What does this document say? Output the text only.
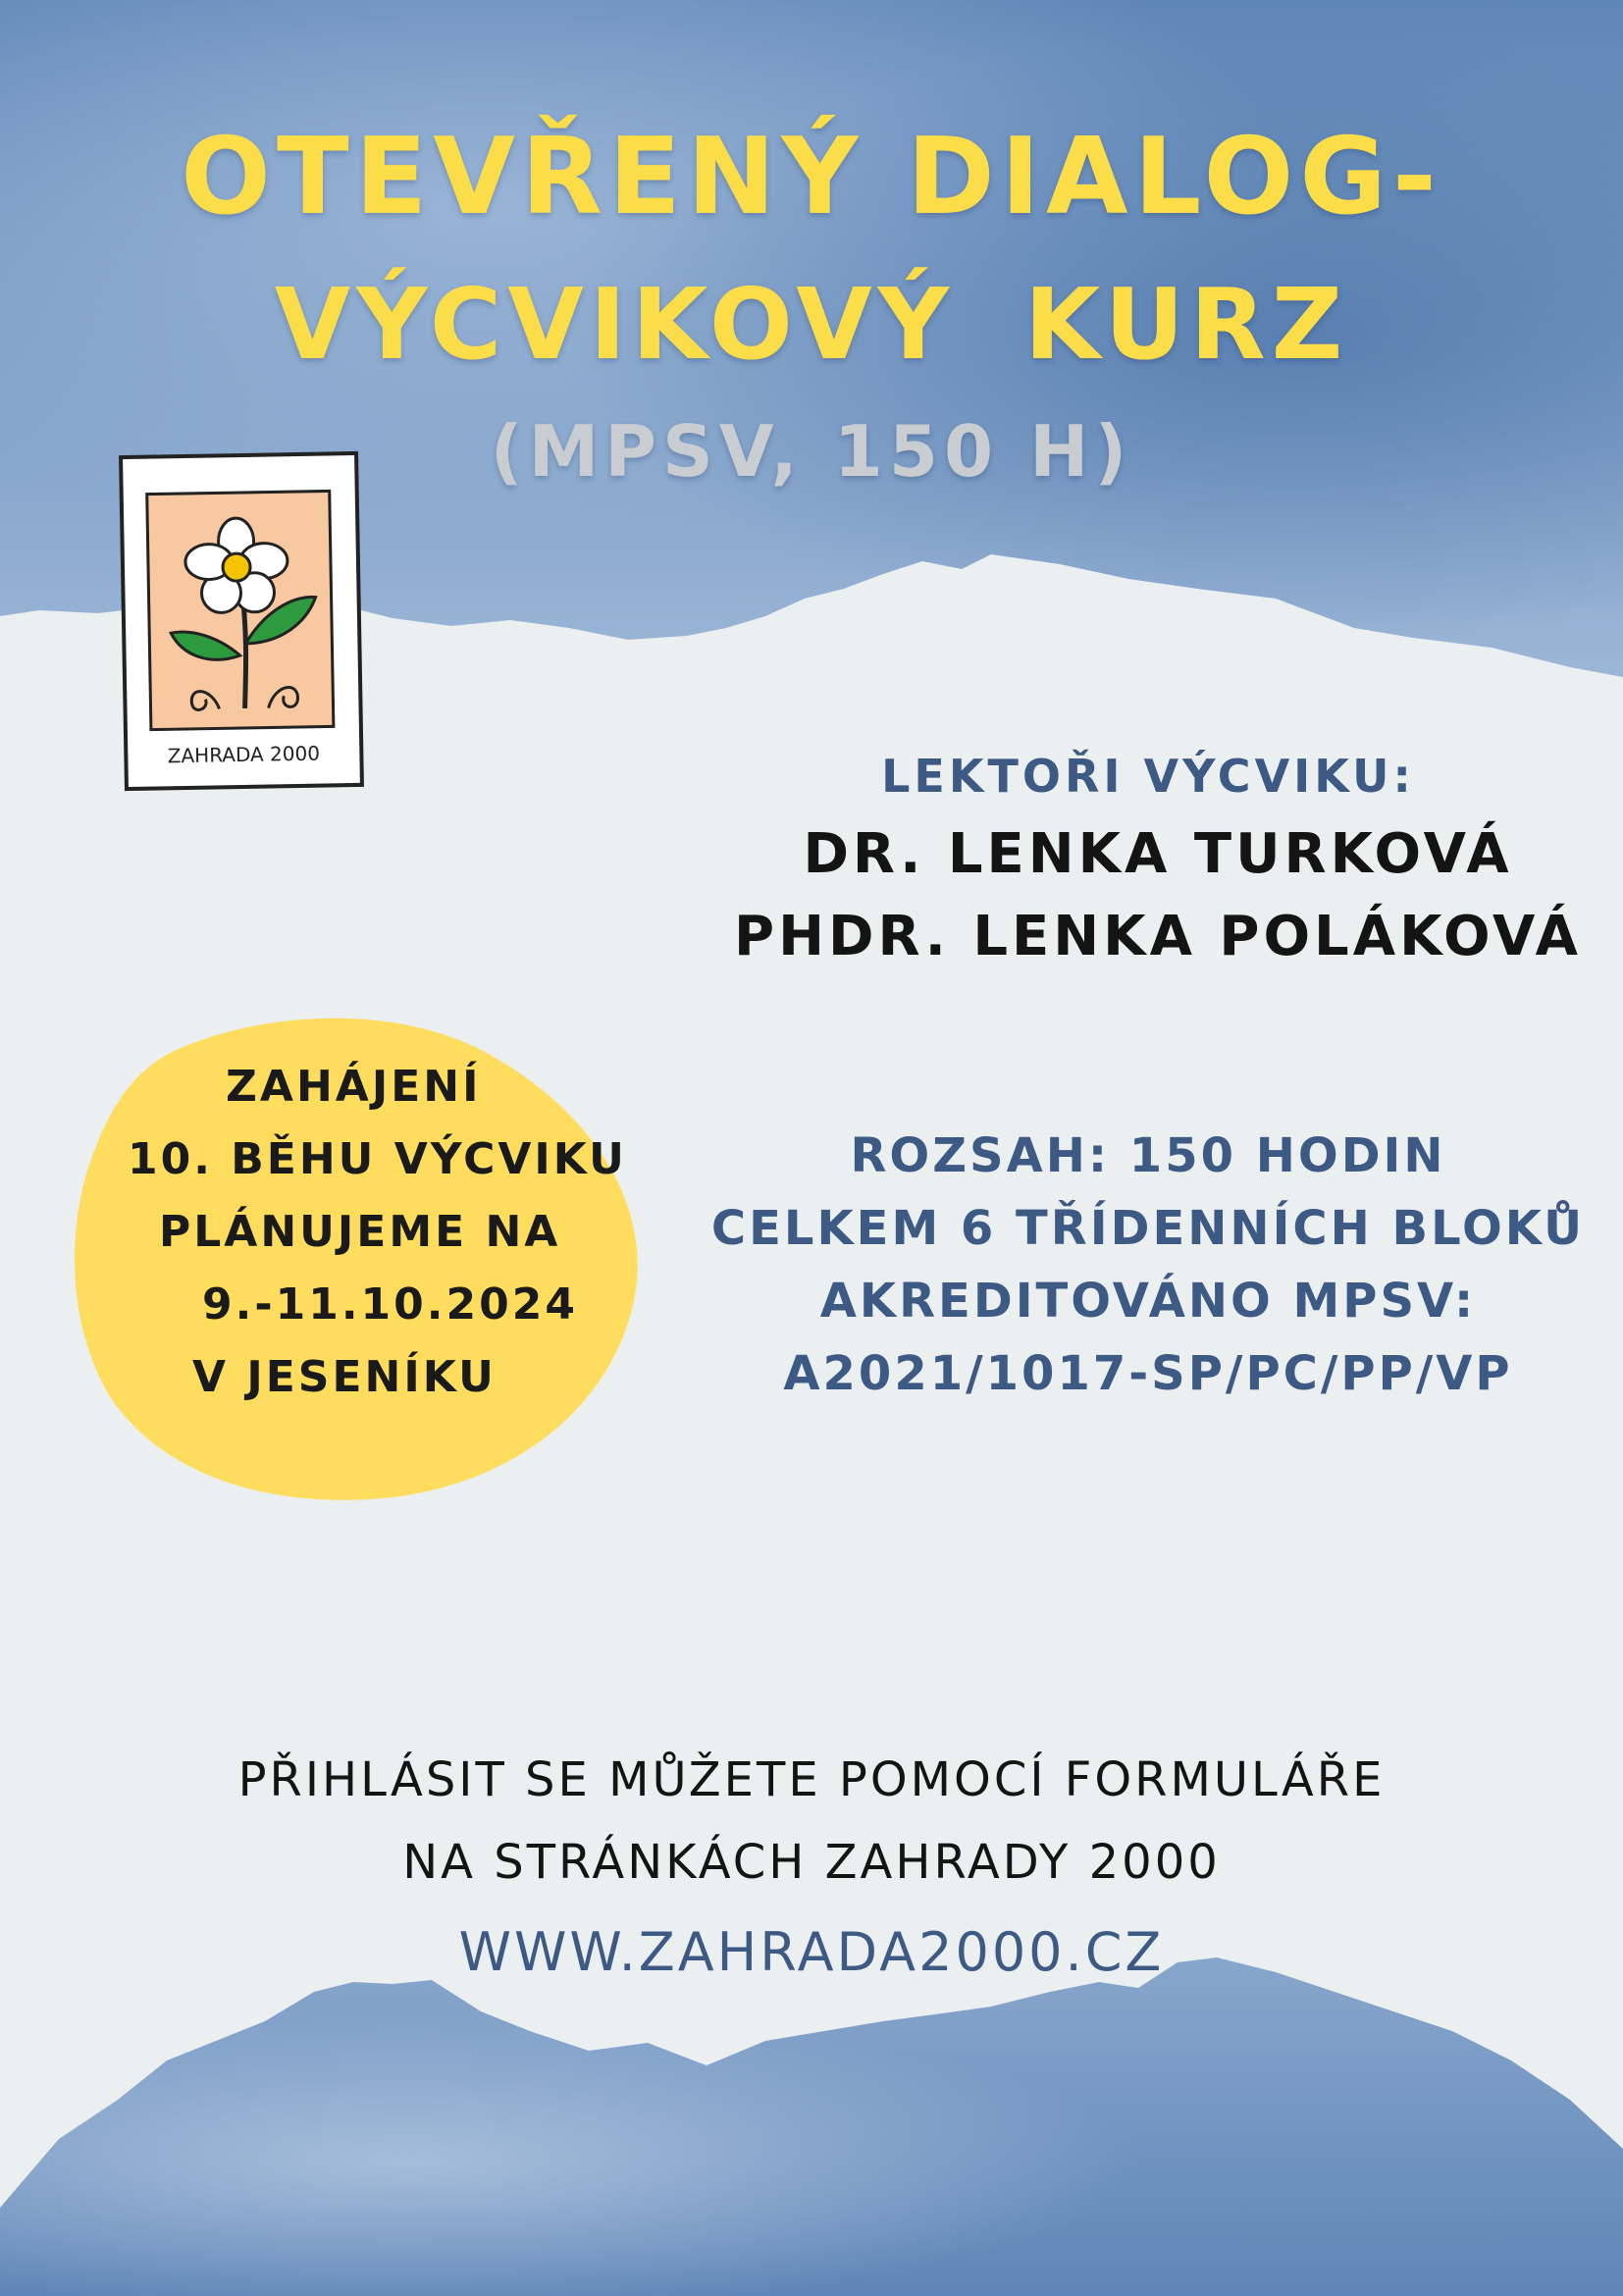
OTEVŘENÝ DIALOG-
VÝCVIKOVÝ KURZ
(MPSV, 150 H)
ZAHRADA 2000	LEKTOŘI VÝCVIKU:
DR. LENKA TURKOVÁ
PHDR. LENKA POLÁKOVÁ
ZAHÁJENÍ
10. BĚHU VÝCVIKU
PLÁNUJEME NA
9.-11.10.2024
V JESENÍKU
ROZSAH: 150 HODIN
CELKEM 6 TŘÍDENNÍCH BLOKŮ
AKREDITOVÁNO MPSV:
A2021/1017-SP/PC/PP/VP
PŘIHLÁSIT SE MŮŽETE POMOCÍ FORMULÁŘE
NA STRÁNKÁCH ZAHRADY 2000
WWW.ZAHRADA2000.CZ
